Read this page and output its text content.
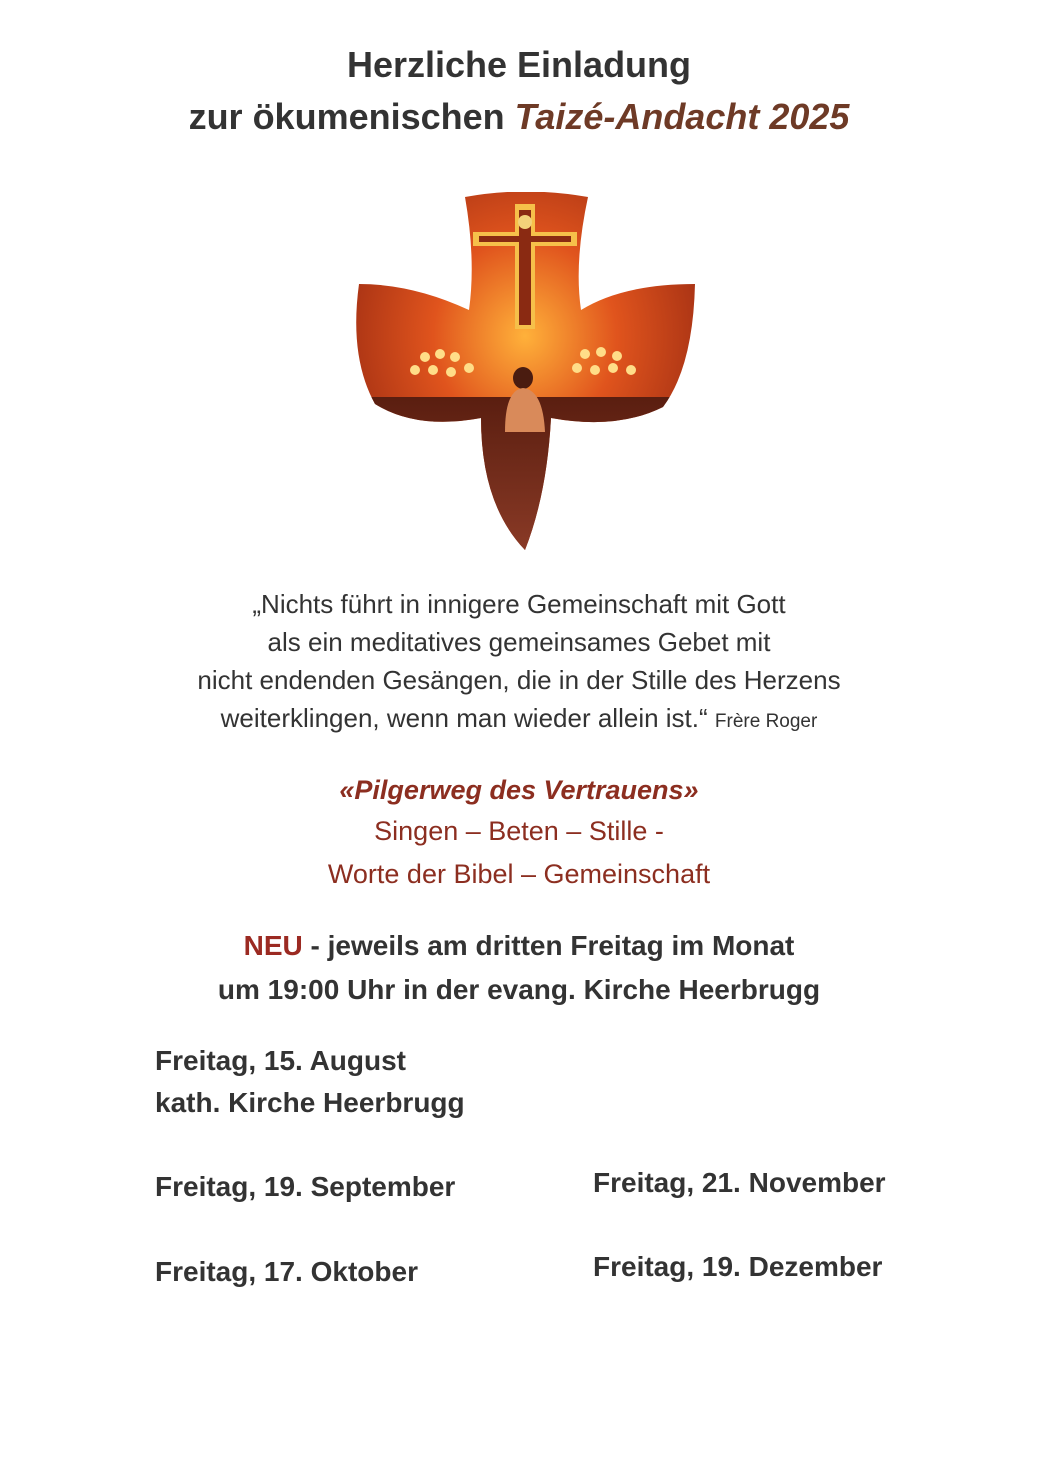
Herzliche Einladung
zur ökumenischen Taizé-Andacht 2025
„Nichts führt in innigere Gemeinschaft mit Gott
als ein meditatives gemeinsames Gebet mit
nicht endenden Gesängen, die in der Stille des Herzens
weiterklingen, wenn man wieder allein ist.“ Frère Roger
«Pilgerweg des Vertrauens»
Singen – Beten – Stille -
Worte der Bibel – Gemeinschaft
NEU - jeweils am dritten Freitag im Monat
um 19:00 Uhr in der evang. Kirche Heerbrugg
Freitag, 15. August
kath. Kirche Heerbrugg
Freitag, 19. September
Freitag, 17. Oktober
Freitag, 21. November
Freitag, 19. Dezember
